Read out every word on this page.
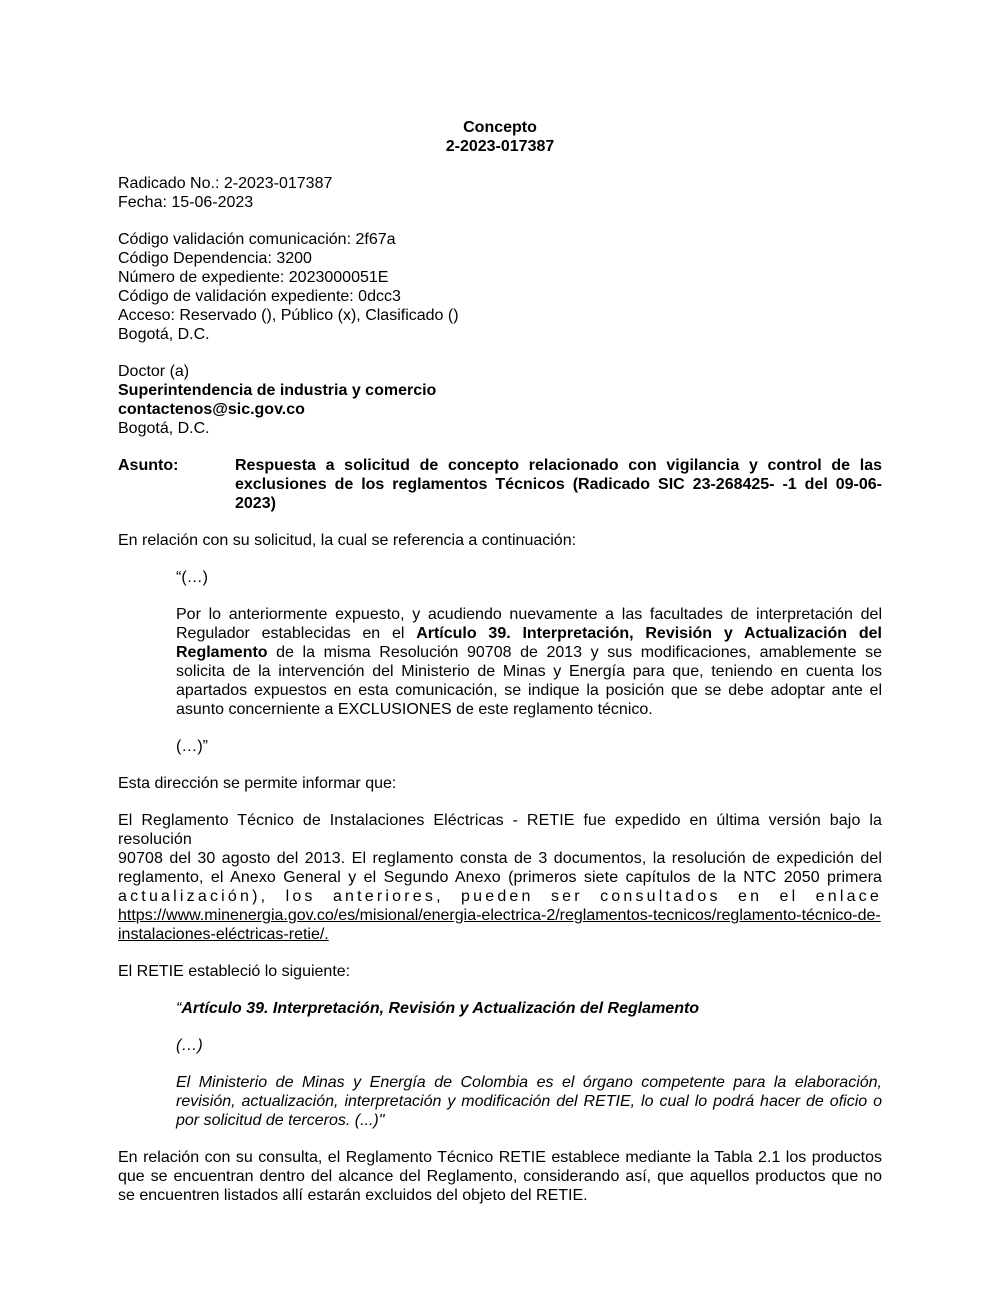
Concepto

2-2023-017387

Radicado No.: 2-2023-017387

Fecha: 15-06-2023

Código validación comunicación: 2f67a

Código Dependencia: 3200

Número de expediente: 2023000051E

Código de validación expediente: 0dcc3

Acceso: Reservado (), Público (x), Clasificado ()

Bogotá, D.C.

Doctor (a)

Superintendencia de industria y comercio

contactenos@sic.gov.co

Bogotá, D.C.

Asunto:	Respuesta a solicitud de concepto relacionado con vigilancia y control de las exclusiones de los reglamentos Técnicos (Radicado SIC 23-268425- -1 del 09-06-2023)

En relación con su solicitud, la cual se referencia a continuación:

“(…)

Por lo anteriormente expuesto, y acudiendo nuevamente a las facultades de interpretación del Regulador establecidas en el Artículo 39. Interpretación, Revisión y Actualización del Reglamento de la misma Resolución 90708 de 2013 y sus modificaciones, amablemente se solicita de la intervención del Ministerio de Minas y Energía para que, teniendo en cuenta los apartados expuestos en esta comunicación, se indique la posición que se debe adoptar ante el asunto concerniente a EXCLUSIONES de este reglamento técnico.

(…)”

Esta dirección se permite informar que:

El Reglamento Técnico de Instalaciones Eléctricas - RETIE fue expedido en última versión bajo la resolución

90708 del 30 agosto del 2013. El reglamento consta de 3 documentos, la resolución de expedición del

reglamento, el Anexo General y el Segundo Anexo (primeros siete capítulos de la NTC 2050 primera

actualización), los anteriores, pueden ser consultados en el enlace

https://www.minenergia.gov.co/es/misional/energia-electrica-2/reglamentos-tecnicos/reglamento-técnico-de-instalaciones-eléctricas-retie/.

El RETIE estableció lo siguiente:

“Artículo 39. Interpretación, Revisión y Actualización del Reglamento

(…)

El Ministerio de Minas y Energía de Colombia es el órgano competente para la elaboración, revisión, actualización, interpretación y modificación del RETIE, lo cual lo podrá hacer de oficio o por solicitud de terceros. (...)"

En relación con su consulta, el Reglamento Técnico RETIE establece mediante la Tabla 2.1 los productos que se encuentran dentro del alcance del Reglamento, considerando así, que aquellos productos que no se encuentren listados allí estarán excluidos del objeto del RETIE.
